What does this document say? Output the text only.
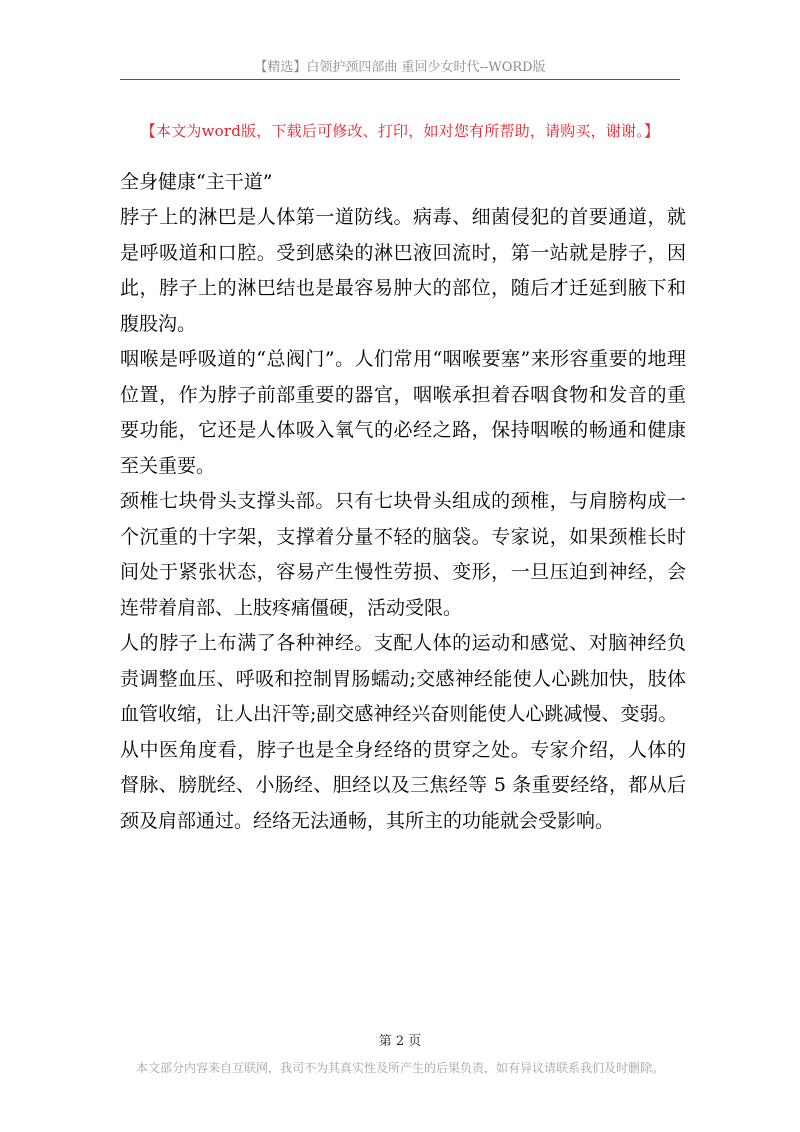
【精选】白领护颈四部曲 重回少女时代--WORD版
【本文为word版，下载后可修改、打印，如对您有所帮助，请购买，谢谢。】

全身健康“主干道”

脖子上的淋巴是人体第一道防线。病毒、细菌侵犯的首要通道，就是呼吸道和口腔。受到感染的淋巴液回流时，第一站就是脖子，因此，脖子上的淋巴结也是最容易肿大的部位，随后才迁延到腋下和腹股沟。

咽喉是呼吸道的“总阀门”。人们常用“咽喉要塞”来形容重要的地理位置，作为脖子前部重要的器官，咽喉承担着吞咽食物和发音的重要功能，它还是人体吸入氧气的必经之路，保持咽喉的畅通和健康至关重要。

颈椎七块骨头支撑头部。只有七块骨头组成的颈椎，与肩膀构成一个沉重的十字架，支撑着分量不轻的脑袋。专家说，如果颈椎长时间处于紧张状态，容易产生慢性劳损、变形，一旦压迫到神经，会连带着肩部、上肢疼痛僵硬，活动受限。

人的脖子上布满了各种神经。支配人体的运动和感觉、对脑神经负责调整血压、呼吸和控制胃肠蠕动;交感神经能使人心跳加快，肢体血管收缩，让人出汗等;副交感神经兴奋则能使人心跳减慢、变弱。

从中医角度看，脖子也是全身经络的贯穿之处。专家介绍，人体的督脉、膀胱经、小肠经、胆经以及三焦经等 5 条重要经络，都从后颈及肩部通过。经络无法通畅，其所主的功能就会受影响。

第 2 页
本文部分内容来自互联网，我司不为其真实性及所产生的后果负责，如有异议请联系我们及时删除。
